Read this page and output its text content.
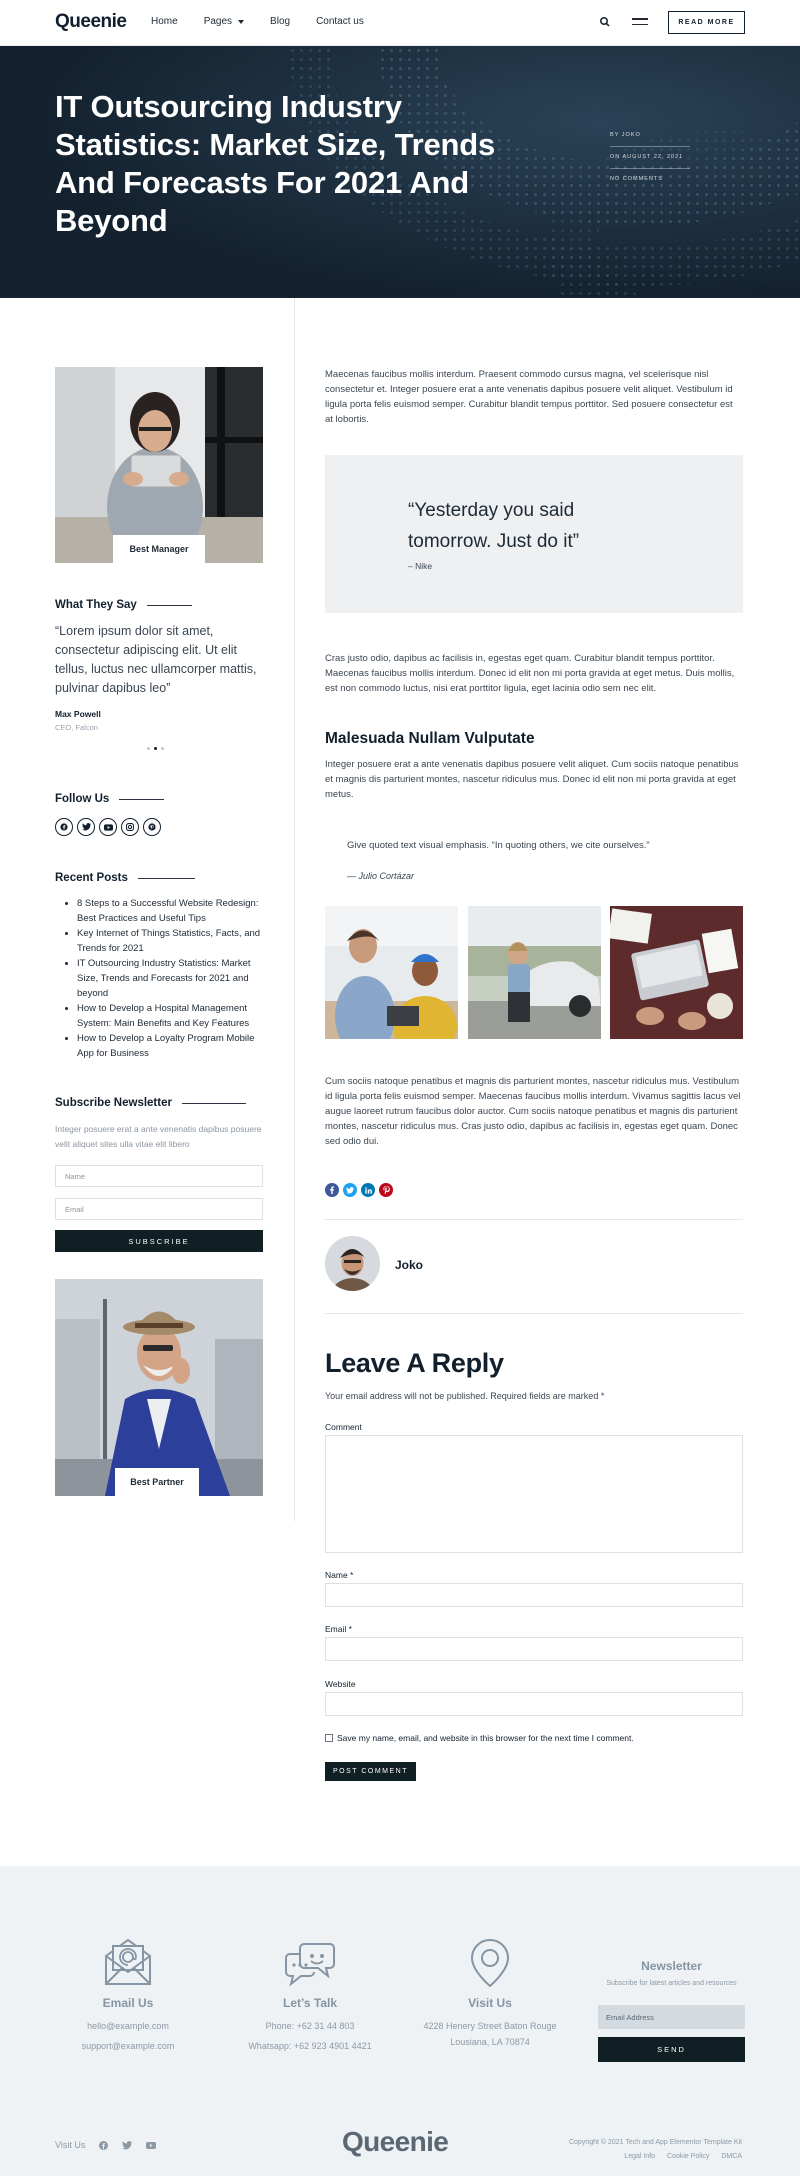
Queenie Home	Pages	Blog	Contact us	READ MORE
IT Outsourcing Industry Statistics: Market Size, Trends And Forecasts For 2021 And Beyond
BY JOKO
ON AUGUST 22, 2021
NO COMMENTS
Best Manager
What They Say

“Lorem ipsum dolor sit amet, consectetur adipiscing elit. Ut elit tellus, luctus nec ullamcorper mattis, pulvinar dapibus leo”

Max Powell
CEO, Falcon
Follow Us
Recent Posts
• 8 Steps to a Successful Website Redesign: Best Practices and Useful Tips
• Key Internet of Things Statistics, Facts, and Trends for 2021
• IT Outsourcing Industry Statistics: Market Size, Trends and Forecasts for 2021 and beyond
• How to Develop a Hospital Management System: Main Benefits and Key Features
• How to Develop a Loyalty Program Mobile App for Business
Subscribe Newsletter

Integer posuere erat a ante venenatis dapibus posuere velit aliquet sites ulla vitae elit libero

Name
Email
SUBSCRIBE
Best Partner

Maecenas faucibus mollis interdum. Praesent commodo cursus magna, vel scelerisque nisl consectetur et. Integer posuere erat a ante venenatis dapibus posuere velit aliquet. Vestibulum id ligula porta felis euismod semper. Curabitur blandit tempus porttitor. Sed posuere consectetur est at lobortis.

“Yesterday you said tomorrow. Just do it”
– Nike

Cras justo odio, dapibus ac facilisis in, egestas eget quam. Curabitur blandit tempus porttitor. Maecenas faucibus mollis interdum. Donec id elit non mi porta gravida at eget metus. Duis mollis, est non commodo luctus, nisi erat porttitor ligula, eget lacinia odio sem nec elit.

Malesuada Nullam Vulputate

Integer posuere erat a ante venenatis dapibus posuere velit aliquet. Cum sociis natoque penatibus et magnis dis parturient montes, nascetur ridiculus mus. Donec id elit non mi porta gravida at eget metus.

Give quoted text visual emphasis. “In quoting others, we cite ourselves.”
— Julio Cortázar

Cum sociis natoque penatibus et magnis dis parturient montes, nascetur ridiculus mus. Vestibulum id ligula porta felis euismod semper. Maecenas faucibus mollis interdum. Vivamus sagittis lacus vel augue laoreet rutrum faucibus dolor auctor. Cum sociis natoque penatibus et magnis dis parturient montes, nascetur ridiculus mus. Cras justo odio, dapibus ac facilisis in, egestas eget quam. Donec sed odio dui.

Joko
Leave A Reply

Your email address will not be published. Required fields are marked *

Comment
Name *
Email *
Website
Save my name, email, and website in this browser for the next time I comment.
POST COMMENT
Email Us
hello@example.com
support@example.com
Let’s Talk
Phone: +62 31 44 803
Whatsapp: +62 923 4901 4421
Visit Us
4228 Henery Street Baton Rouge
Lousiana, LA 70874
Newsletter
Subscribe for latest articles and resources
Email Address
SEND
Visit Us	Queenie	Copyright © 2021 Tech and App Elementor Template Kit
Legal Info Cookie Policy DMCA
